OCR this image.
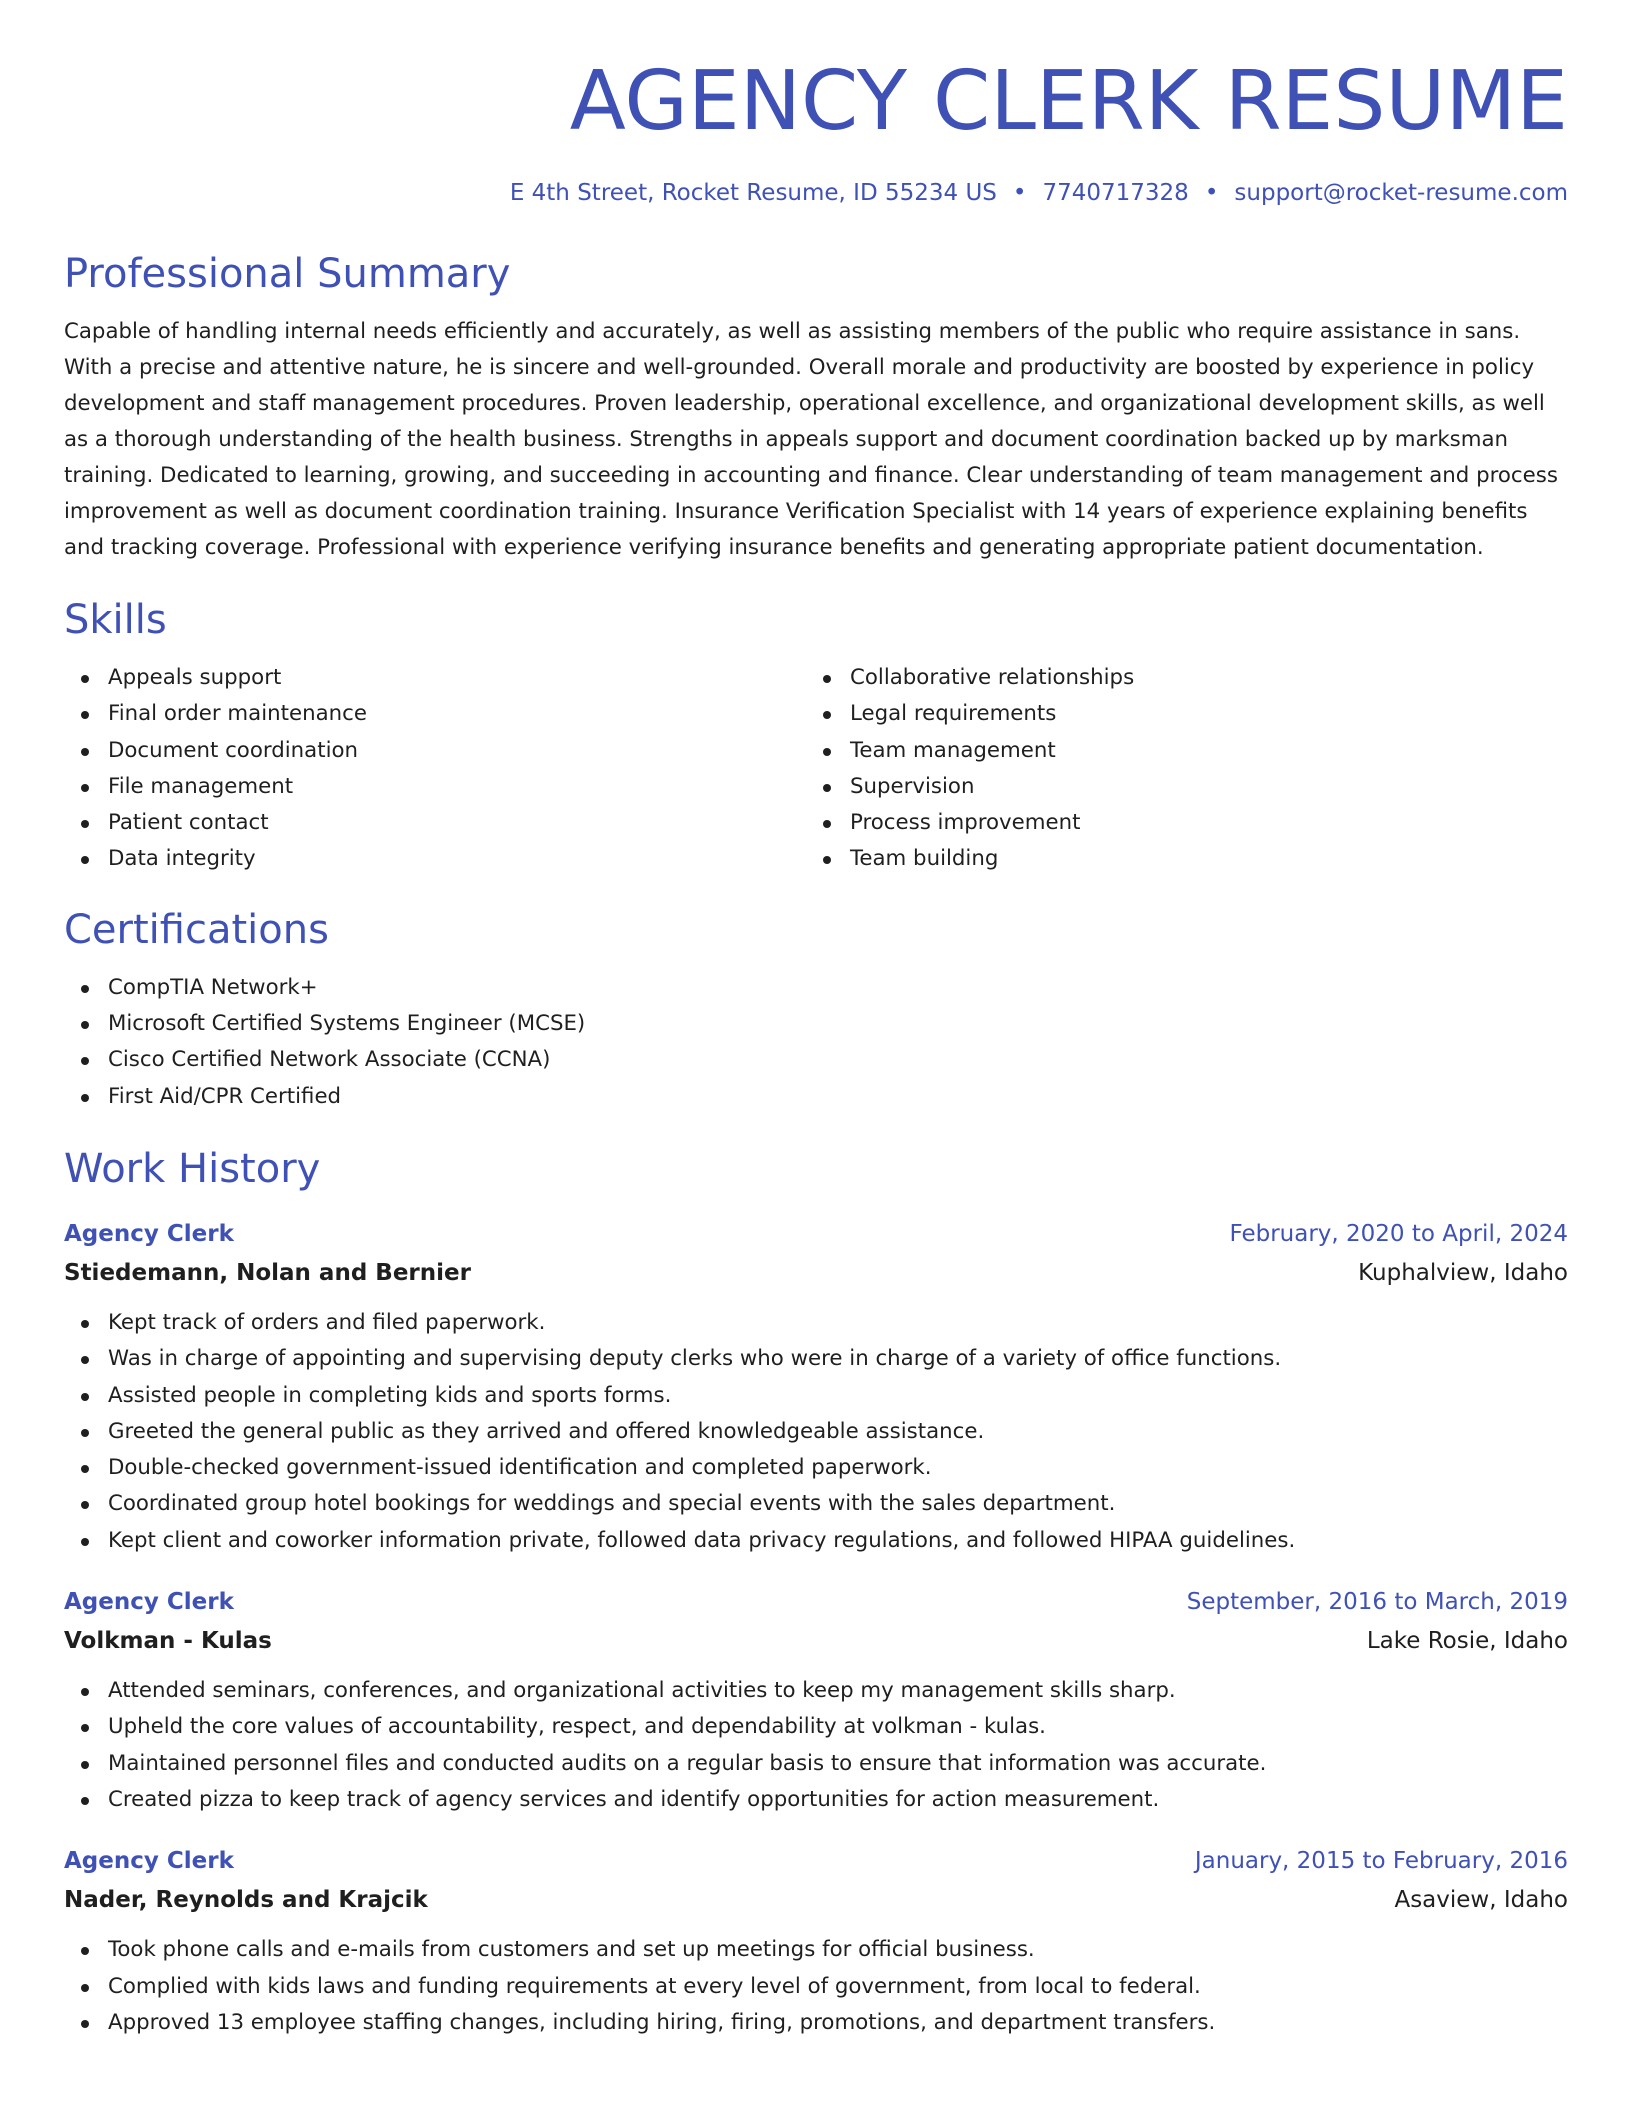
AGENCY CLERK RESUME
E 4th Street, Rocket Resume, ID 55234 US • 7740717328 • support@rocket-resume.com
Professional Summary

Capable of handling internal needs efficiently and accurately, as well as assisting members of the public who require assistance in sans. With a precise and attentive nature, he is sincere and well-grounded. Overall morale and productivity are boosted by experience in policy development and staff management procedures. Proven leadership, operational excellence, and organizational development skills, as well as a thorough understanding of the health business. Strengths in appeals support and document coordination backed up by marksman training. Dedicated to learning, growing, and succeeding in accounting and finance. Clear understanding of team management and process improvement as well as document coordination training. Insurance Verification Specialist with 14 years of experience explaining benefits and tracking coverage. Professional with experience verifying insurance benefits and generating appropriate patient documentation.

Skills
Appeals support
Final order maintenance
Document coordination
File management
Patient contact
Data integrity
Collaborative relationships
Legal requirements
Team management
Supervision
Process improvement
Team building
Certifications
CompTIA Network+
Microsoft Certified Systems Engineer (MCSE)
Cisco Certified Network Associate (CCNA)
First Aid/CPR Certified
Work History
Agency Clerk	February, 2020 to April, 2024
Stiedemann, Nolan and Bernier	Kuphalview, Idaho
Kept track of orders and filed paperwork.
Was in charge of appointing and supervising deputy clerks who were in charge of a variety of office functions.
Assisted people in completing kids and sports forms.
Greeted the general public as they arrived and offered knowledgeable assistance.
Double-checked government-issued identification and completed paperwork.
Coordinated group hotel bookings for weddings and special events with the sales department.
Kept client and coworker information private, followed data privacy regulations, and followed HIPAA guidelines.
Agency Clerk	September, 2016 to March, 2019
Volkman - Kulas	Lake Rosie, Idaho
Attended seminars, conferences, and organizational activities to keep my management skills sharp.
Upheld the core values of accountability, respect, and dependability at volkman - kulas.
Maintained personnel files and conducted audits on a regular basis to ensure that information was accurate.
Created pizza to keep track of agency services and identify opportunities for action measurement.
Agency Clerk	January, 2015 to February, 2016
Nader, Reynolds and Krajcik	Asaview, Idaho
Took phone calls and e-mails from customers and set up meetings for official business.
Complied with kids laws and funding requirements at every level of government, from local to federal.
Approved 13 employee staffing changes, including hiring, firing, promotions, and department transfers.
